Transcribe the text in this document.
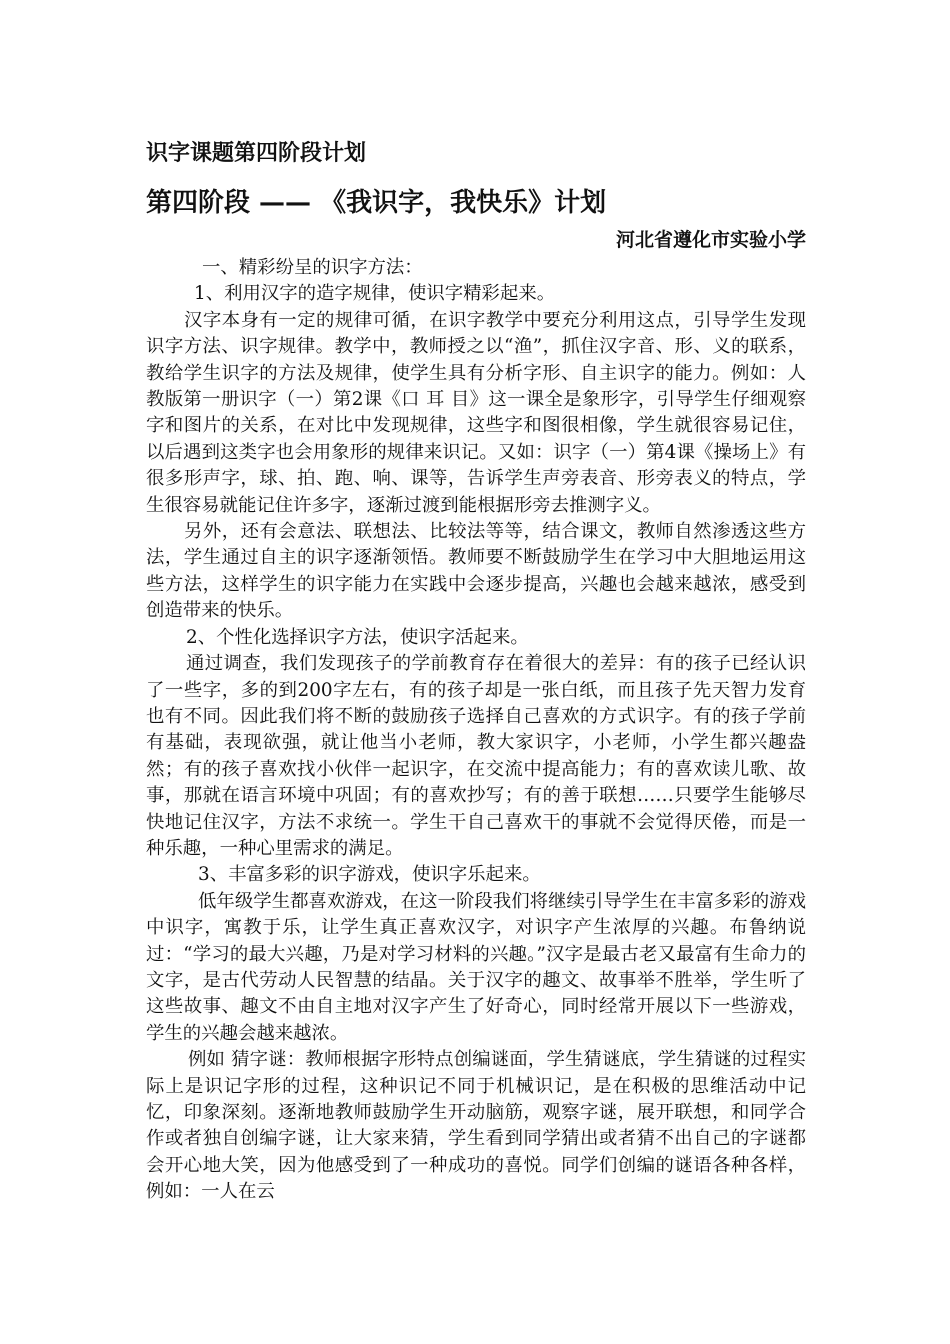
识字课题第四阶段计划
第四阶段 —— 《我识字，我快乐》计划
河北省遵化市实验小学

一、精彩纷呈的识字方法：

1、利用汉字的造字规律，使识字精彩起来。

汉字本身有一定的规律可循，在识字教学中要充分利用这点，引导学生发现识字方法、识字规律。教学中，教师授之以“渔”，抓住汉字音、形、义的联系，教给学生识字的方法及规律，使学生具有分析字形、自主识字的能力。例如：人教版第一册识字（一）第2课《口 耳 目》这一课全是象形字，引导学生仔细观察字和图片的关系，在对比中发现规律，这些字和图很相像，学生就很容易记住，以后遇到这类字也会用象形的规律来识记。又如：识字（一）第4课《操场上》有很多形声字，球、拍、跑、响、课等，告诉学生声旁表音、形旁表义的特点，学生很容易就能记住许多字，逐渐过渡到能根据形旁去推测字义。

另外，还有会意法、联想法、比较法等等，结合课文，教师自然渗透这些方法，学生通过自主的识字逐渐领悟。教师要不断鼓励学生在学习中大胆地运用这些方法，这样学生的识字能力在实践中会逐步提高，兴趣也会越来越浓，感受到创造带来的快乐。

2、个性化选择识字方法，使识字活起来。

通过调查，我们发现孩子的学前教育存在着很大的差异：有的孩子已经认识了一些字，多的到200字左右，有的孩子却是一张白纸，而且孩子先天智力发育也有不同。因此我们将不断的鼓励孩子选择自己喜欢的方式识字。有的孩子学前有基础，表现欲强，就让他当小老师，教大家识字，小老师，小学生都兴趣盎然；有的孩子喜欢找小伙伴一起识字，在交流中提高能力；有的喜欢读儿歌、故事，那就在语言环境中巩固；有的喜欢抄写；有的善于联想……只要学生能够尽快地记住汉字，方法不求统一。学生干自己喜欢干的事就不会觉得厌倦，而是一种乐趣，一种心里需求的满足。

3、丰富多彩的识字游戏，使识字乐起来。

低年级学生都喜欢游戏，在这一阶段我们将继续引导学生在丰富多彩的游戏中识字，寓教于乐，让学生真正喜欢汉字，对识字产生浓厚的兴趣。布鲁纳说过：“学习的最大兴趣，乃是对学习材料的兴趣。”汉字是最古老又最富有生命力的文字，是古代劳动人民智慧的结晶。关于汉字的趣文、故事举不胜举，学生听了这些故事、趣文不由自主地对汉字产生了好奇心，同时经常开展以下一些游戏，学生的兴趣会越来越浓。

例如 猜字谜：教师根据字形特点创编谜面，学生猜谜底，学生猜谜的过程实际上是识记字形的过程，这种识记不同于机械识记，是在积极的思维活动中记忆，印象深刻。逐渐地教师鼓励学生开动脑筋，观察字谜，展开联想，和同学合作或者独自创编字谜，让大家来猜，学生看到同学猜出或者猜不出自己的字谜都会开心地大笑，因为他感受到了一种成功的喜悦。同学们创编的谜语各种各样，例如：一人在云
